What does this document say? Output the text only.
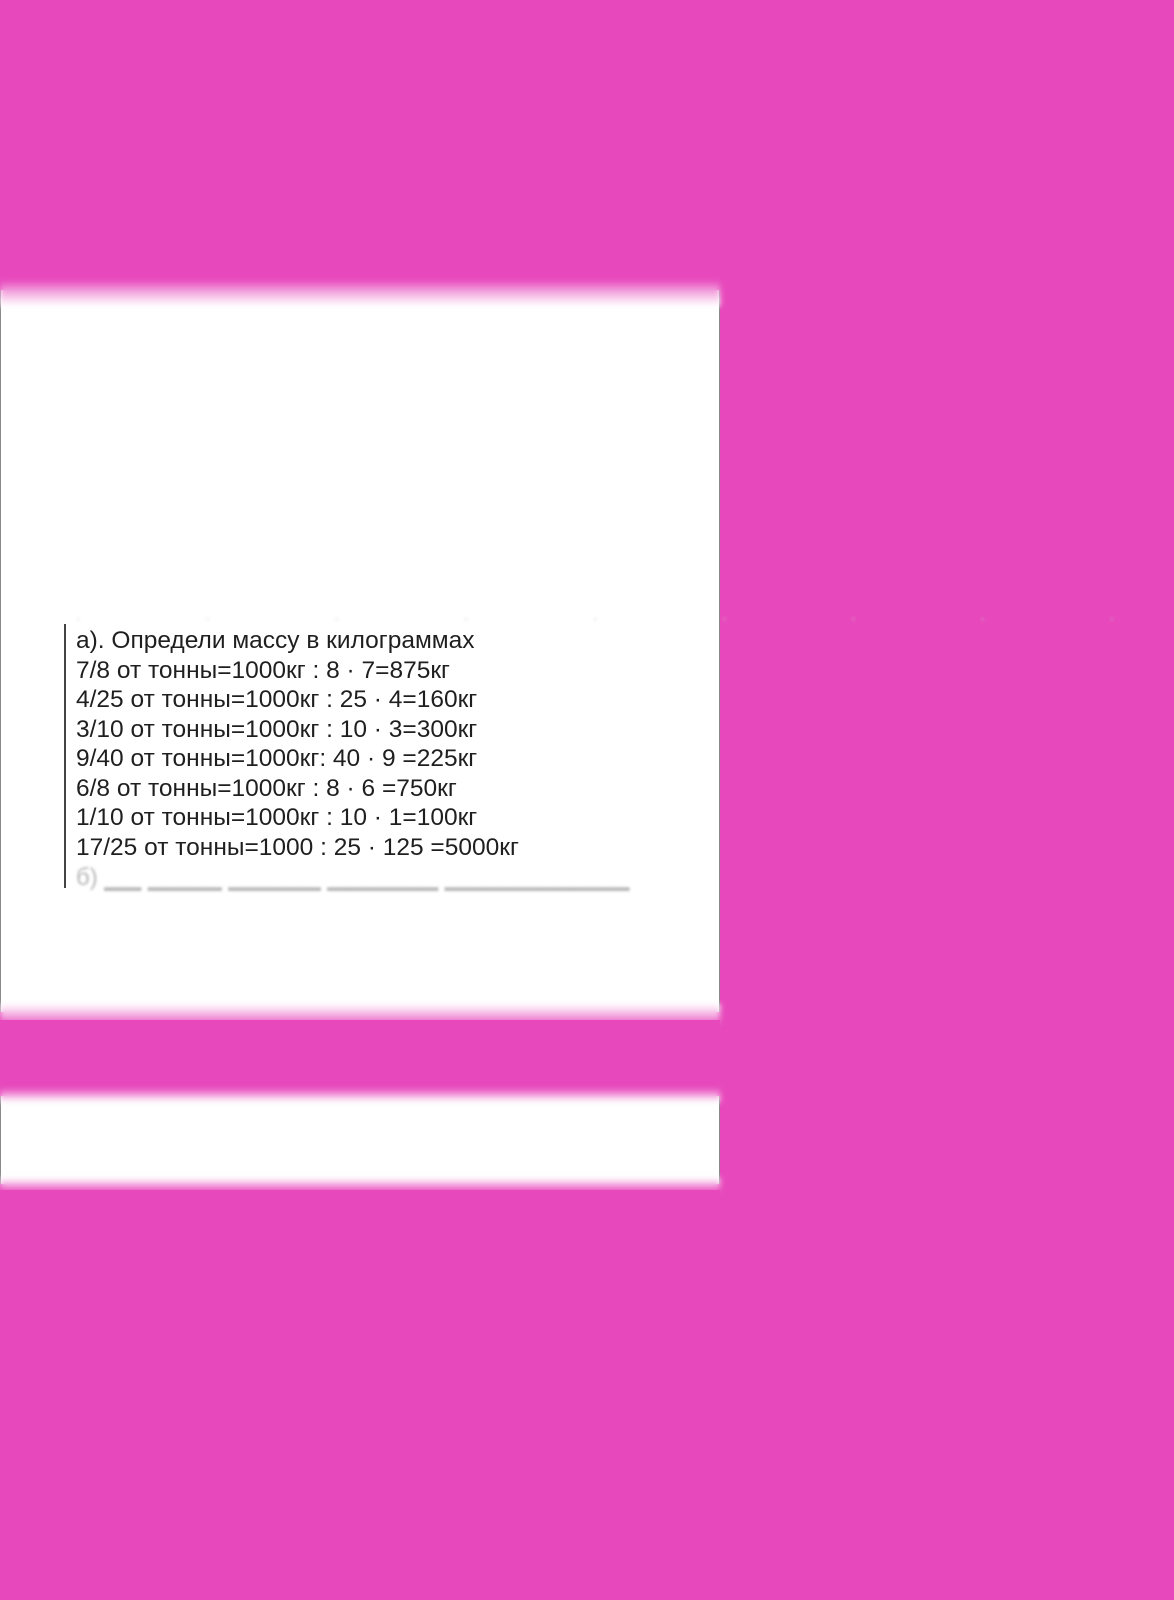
· · · · · · · · ·
а). Определи массу в килограммах
7/8 от тонны=1000кг : 8 · 7=875кг
4/25 от тонны=1000кг : 25 · 4=160кг
3/10 от тонны=1000кг : 10 · 3=300кг
9/40 от тонны=1000кг: 40 · 9 =225кг
6/8 от тонны=1000кг : 8 · 6 =750кг
1/10 от тонны=1000кг : 10 · 1=100кг
17/25 от тонны=1000 : 25 · 125 =5000кг
б) ▁▁ ▁▁▁▁ ▁▁▁▁▁ ▁▁▁▁▁▁ ▁▁▁▁▁▁▁▁▁▁
